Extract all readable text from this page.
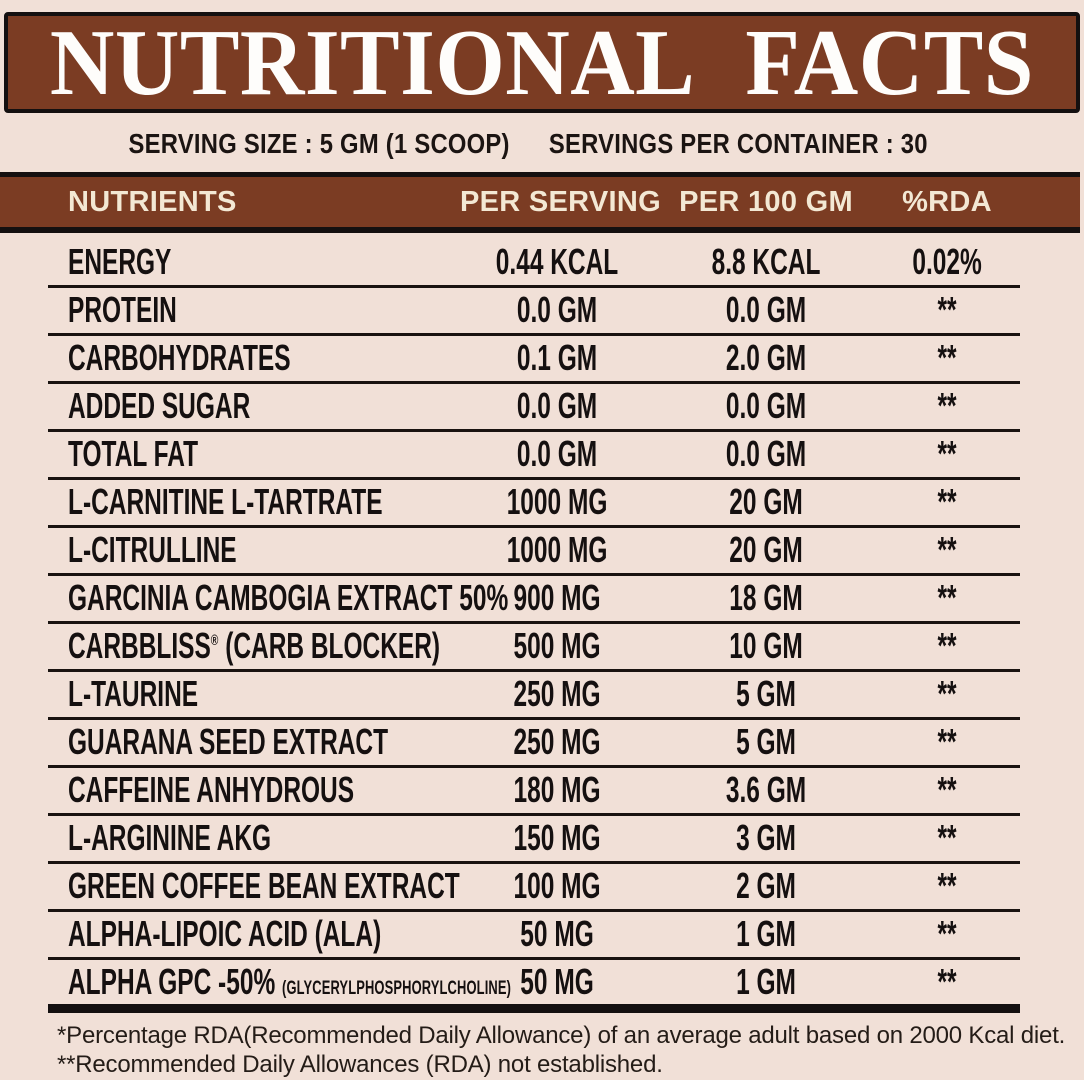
NUTRITIONAL FACTS
SERVING SIZE : 5 GM (1 SCOOP) SERVINGS PER CONTAINER : 30
NUTRIENTS	PER SERVING PER 100 GM	%RDA
ENERGY	0.44 KCAL	8.8 KCAL	0.02%
PROTEIN	0.0 GM	0.0 GM	**
CARBOHYDRATES	0.1 GM	2.0 GM	**
ADDED SUGAR	0.0 GM	0.0 GM	**
TOTAL FAT	0.0 GM	0.0 GM	**
L-CARNITINE L-TARTRATE	1000 MG	20 GM	**
L-CITRULLINE	1000 MG	20 GM	**
GARCINIA CAMBOGIA EXTRACT 50% 900 MG	18 GM	**
CARBBLISS® (CARB BLOCKER)	500 MG	10 GM	**
L-TAURINE	250 MG	5 GM	**
GUARANA SEED EXTRACT	250 MG	5 GM	**
CAFFEINE ANHYDROUS	180 MG	3.6 GM	**
L-ARGININE AKG	150 MG	3 GM	**
GREEN COFFEE BEAN EXTRACT	100 MG	2 GM	**
ALPHA-LIPOIC ACID (ALA)	50 MG	1 GM	**
ALPHA GPC -50% (GLYCERYLPHOSPHORYLCHOLINE) 50 MG	1 GM	**
*Percentage RDA(Recommended Daily Allowance) of an average adult based on 2000 Kcal diet.
**Recommended Daily Allowances (RDA) not established.
